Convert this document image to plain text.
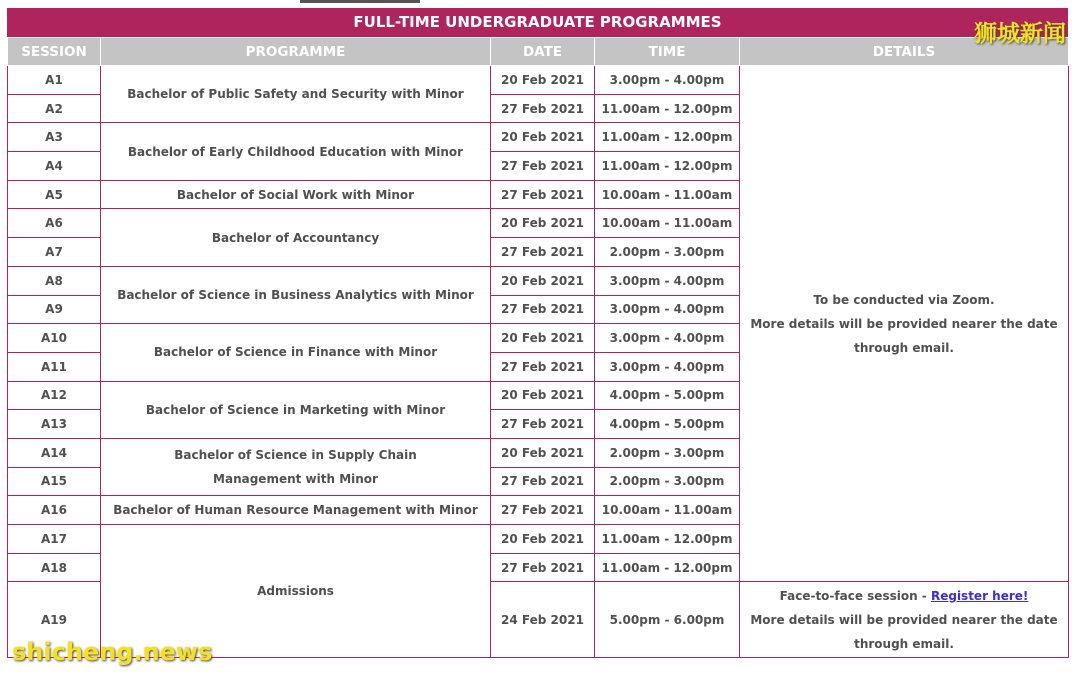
FULL-TIME UNDERGRADUATE PROGRAMMES
SESSION	PROGRAMME	DATE	TIME	DETAILS
A1	Bachelor of Public Safety and Security with Minor	20 Feb 2021	3.00pm - 4.00pm	To be conducted via Zoom.
More details will be provided nearer the date
through email.

A2		27 Feb 2021	11.00am - 12.00pm	
A3	Bachelor of Early Childhood Education with Minor	20 Feb 2021	11.00am - 12.00pm	
A4		27 Feb 2021	11.00am - 12.00pm	
A5	Bachelor of Social Work with Minor	27 Feb 2021	10.00am - 11.00am	
A6	Bachelor of Accountancy	20 Feb 2021	10.00am - 11.00am	
A7		27 Feb 2021	2.00pm - 3.00pm	
A8	Bachelor of Science in Business Analytics with Minor	20 Feb 2021	3.00pm - 4.00pm	
A9		27 Feb 2021	3.00pm - 4.00pm	
A10	Bachelor of Science in Finance with Minor	20 Feb 2021	3.00pm - 4.00pm	
A11		27 Feb 2021	3.00pm - 4.00pm	
A12	Bachelor of Science in Marketing with Minor	20 Feb 2021	4.00pm - 5.00pm	
A13		27 Feb 2021	4.00pm - 5.00pm	
A14	Bachelor of Science in Supply Chain Management with Minor	20 Feb 2021	2.00pm - 3.00pm	
A15		27 Feb 2021	2.00pm - 3.00pm	
A16	Bachelor of Human Resource Management with Minor	27 Feb 2021	10.00am - 11.00am	
A17	Admissions	20 Feb 2021	11.00am - 12.00pm	
A18		27 Feb 2021	11.00am - 12.00pm	
A19		24 Feb 2021	5.00pm - 6.00pm	Face-to-face session - Register here!
More details will be provided nearer the date
through email.
狮城新闻
shicheng.news
